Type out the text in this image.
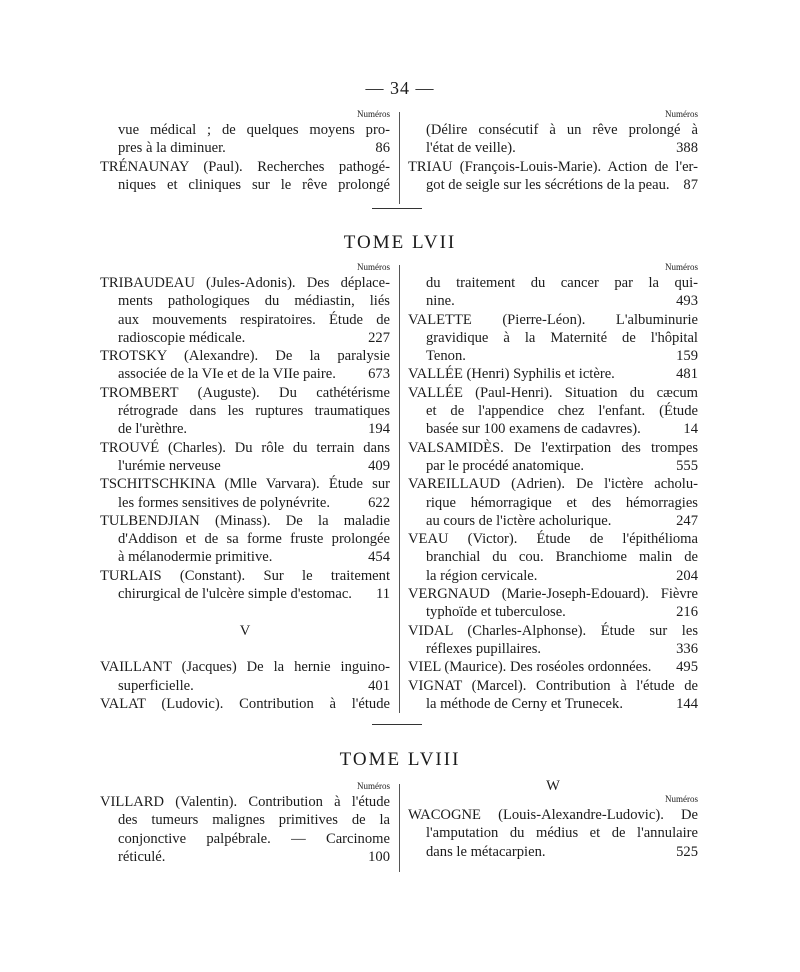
— 34 —
Numéros
vue médical ; de quelques moyens pro-
pres à la diminuer.	86
TRÉNAUNAY (Paul). Recherches pathogé-
niques et cliniques sur le rêve prolongé
Numéros
(Délire consécutif à un rêve prolongé à
l'état de veille).	388
TRIAU (François-Louis-Marie). Action de l'er-
got de seigle sur les sécrétions de la peau. 87
TOME LVII
Numéros
TRIBAUDEAU (Jules-Adonis). Des déplace-
ments pathologiques du médiastin, liés
aux mouvements respiratoires. Étude de
radioscopie médicale.	227
TROTSKY (Alexandre). De la paralysie
associée de la VIe et de la VIIe paire.	673
TROMBERT (Auguste). Du cathétérisme
rétrograde dans les ruptures traumatiques
de l'urèthre.	194
TROUVÉ (Charles). Du rôle du terrain dans
l'urémie nerveuse	409
TSCHITSCHKINA (Mlle Varvara). Étude sur
les formes sensitives de polynévrite.	622
TULBENDJIAN (Minass). De la maladie
d'Addison et de sa forme fruste prolongée
à mélanodermie primitive.	454
TURLAIS (Constant). Sur le traitement
chirurgical de l'ulcère simple d'estomac.	11
V
VAILLANT (Jacques) De la hernie inguino-
superficielle.	401
VALAT (Ludovic). Contribution à l'étude
Numéros
du traitement du cancer par la qui-
nine.	493
VALETTE (Pierre-Léon). L'albuminurie
gravidique à la Maternité de l'hôpital
Tenon.	159
VALLÉE (Henri) Syphilis et ictère.	481
VALLÉE (Paul-Henri). Situation du cæcum
et de l'appendice chez l'enfant. (Étude
basée sur 100 examens de cadavres).	14
VALSAMIDÈS. De l'extirpation des trompes
par le procédé anatomique.	555
VAREILLAUD (Adrien). De l'ictère acholu-
rique hémorragique et des hémorragies
au cours de l'ictère acholurique.	247
VEAU (Victor). Étude de l'épithélioma
branchial du cou. Branchiome malin de
la région cervicale.	204
VERGNAUD (Marie-Joseph-Edouard). Fièvre
typhoïde et tuberculose.	216
VIDAL (Charles-Alphonse). Étude sur les
réflexes pupillaires.	336
VIEL (Maurice). Des roséoles ordonnées.	495
VIGNAT (Marcel). Contribution à l'étude de
la méthode de Cerny et Trunecek.	144
TOME LVIII
Numéros
VILLARD (Valentin). Contribution à l'étude
des tumeurs malignes primitives de la
conjonctive palpébrale. — Carcinome
réticulé.	100
W
Numéros
WACOGNE (Louis-Alexandre-Ludovic). De
l'amputation du médius et de l'annulaire
dans le métacarpien.	525
